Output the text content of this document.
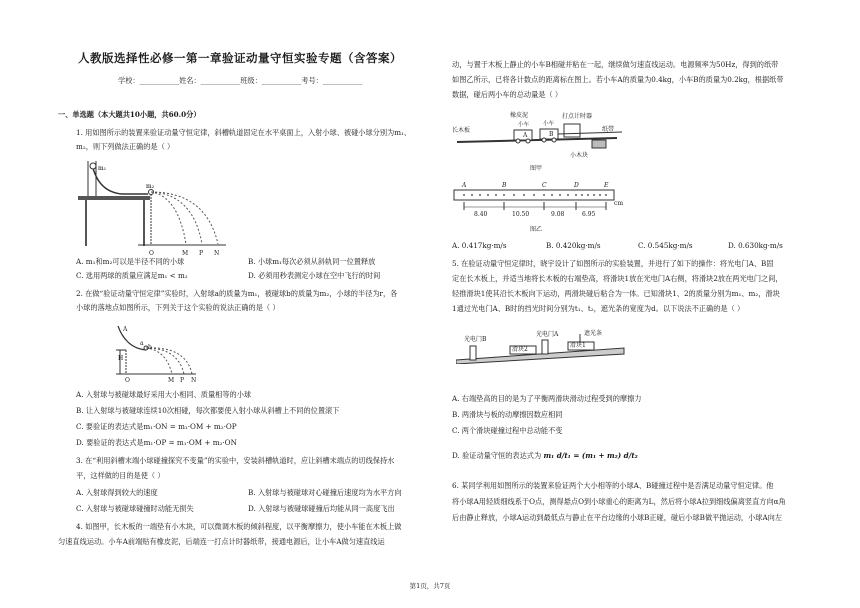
人教版选择性必修一第一章验证动量守恒实验专题（含答案）
学校：___________姓名：___________班级：___________考号：___________
一、单选题（本大题共10小题，共60.0分）
1. 用如图所示的装置来验证动量守恒定律，斜槽轨道固定在水平桌面上，入射小球、被碰小球分别为m₁、
m₂，则下列做法正确的是（ ）
m₁
m₂
O	M P N
A. m₁和m₂可以是半径不同的小球	B. 小球m₁每次必须从斜轨同一位置释放
C. 选用两球的质量应满足m₁ < m₂	D. 必须用秒表测定小球在空中飞行的时间
2. 在做“验证动量守恒定律”实验时，入射球a的质量为m₁，被碰球b的质量为m₂，小球的半径为r，各
小球的落地点如图所示，下列关于这个实验的说法正确的是（ ）
A
a
b
H
O	M P N
A. 入射球与被碰球最好采用大小相同、质量相等的小球
B. 让入射球与被碰球连续10次相碰，每次都要使入射小球从斜槽上不同的位置滚下
C. 要验证的表达式是m₁·ON = m₁·OM + m₂·OP
D. 要验证的表达式是m₁·OP = m₁·OM + m₂·ON
3. 在“利用斜槽末端小球碰撞探究不变量”的实验中，安装斜槽轨道时，应让斜槽末端点的切线保持水
平，这样做的目的是使（ ）
A. 入射球得到较大的速度	B. 入射球与被碰球对心碰撞后速度均为水平方向
C. 入射球与被碰球碰撞时动能无损失	D. 入射球与被碰球碰撞后均能从同一高度飞出
4. 如图甲，长木板的一端垫有小木块，可以微调木板的倾斜程度，以平衡摩擦力，使小车能在木板上做
匀速直线运动。小车A前端贴有橡皮泥，后端连一打点计时器纸带，接通电源后，让小车A做匀速直线运
动，与置于木板上静止的小车B相碰并粘在一起，继续做匀速直线运动。电源频率为50Hz，得到的纸带
如图乙所示，已将各计数点的距离标在图上。若小车A的质量为0.4kg，小车B的质量为0.2kg，根据纸带
数据，碰后两小车的总动量是（ ）
长木板
橡皮泥
小车	小车
打点计时器
纸带
小木块
A	B
图甲
A	B	C	D	E
8.40	10.50	9.08	6.95
cm
图乙
A. 0.417kg·m/s	B. 0.420kg·m/s	C. 0.545kg·m/s	D. 0.630kg·m/s
5. 在验证动量守恒定律时，晓宇设计了如图所示的实验装置，并进行了如下的操作：将光电门A、B固
定在长木板上，并适当地将长木板的右端垫高，将滑块1放在光电门A右侧，将滑块2放在两光电门之间，
轻推滑块1使其沿长木板向下运动，两滑块碰后粘合为一体。已知滑块1、2的质量分别为m₁、m₂，滑块
1通过光电门A、B时的挡光时间分别为t₁、t₂，遮光条的宽度为d。以下说法不正确的是（ ）
光电门B
光电门A	遮光条
滑块1
滑块2
A. 右端垫高的目的是为了平衡两滑块滑动过程受到的摩擦力
B. 两滑块与板的动摩擦因数应相同
C. 两个滑块碰撞过程中总动能不变
D. 验证动量守恒的表达式为 m₁ d/t₁ = (m₁ + m₂) d/t₂
6. 某同学利用如图所示的装置来验证两个大小相等的小球A、B碰撞过程中是否满足动量守恒定律。他
将小球A用轻质细线系于O点，测得悬点O到小球重心的距离为L，然后将小球A拉到细线偏离竖直方向α角
后由静止释放，小球A运动到最低点与静止在平台边缘的小球B正碰，碰后小球B做平抛运动，小球A向左
第1页，共7页
